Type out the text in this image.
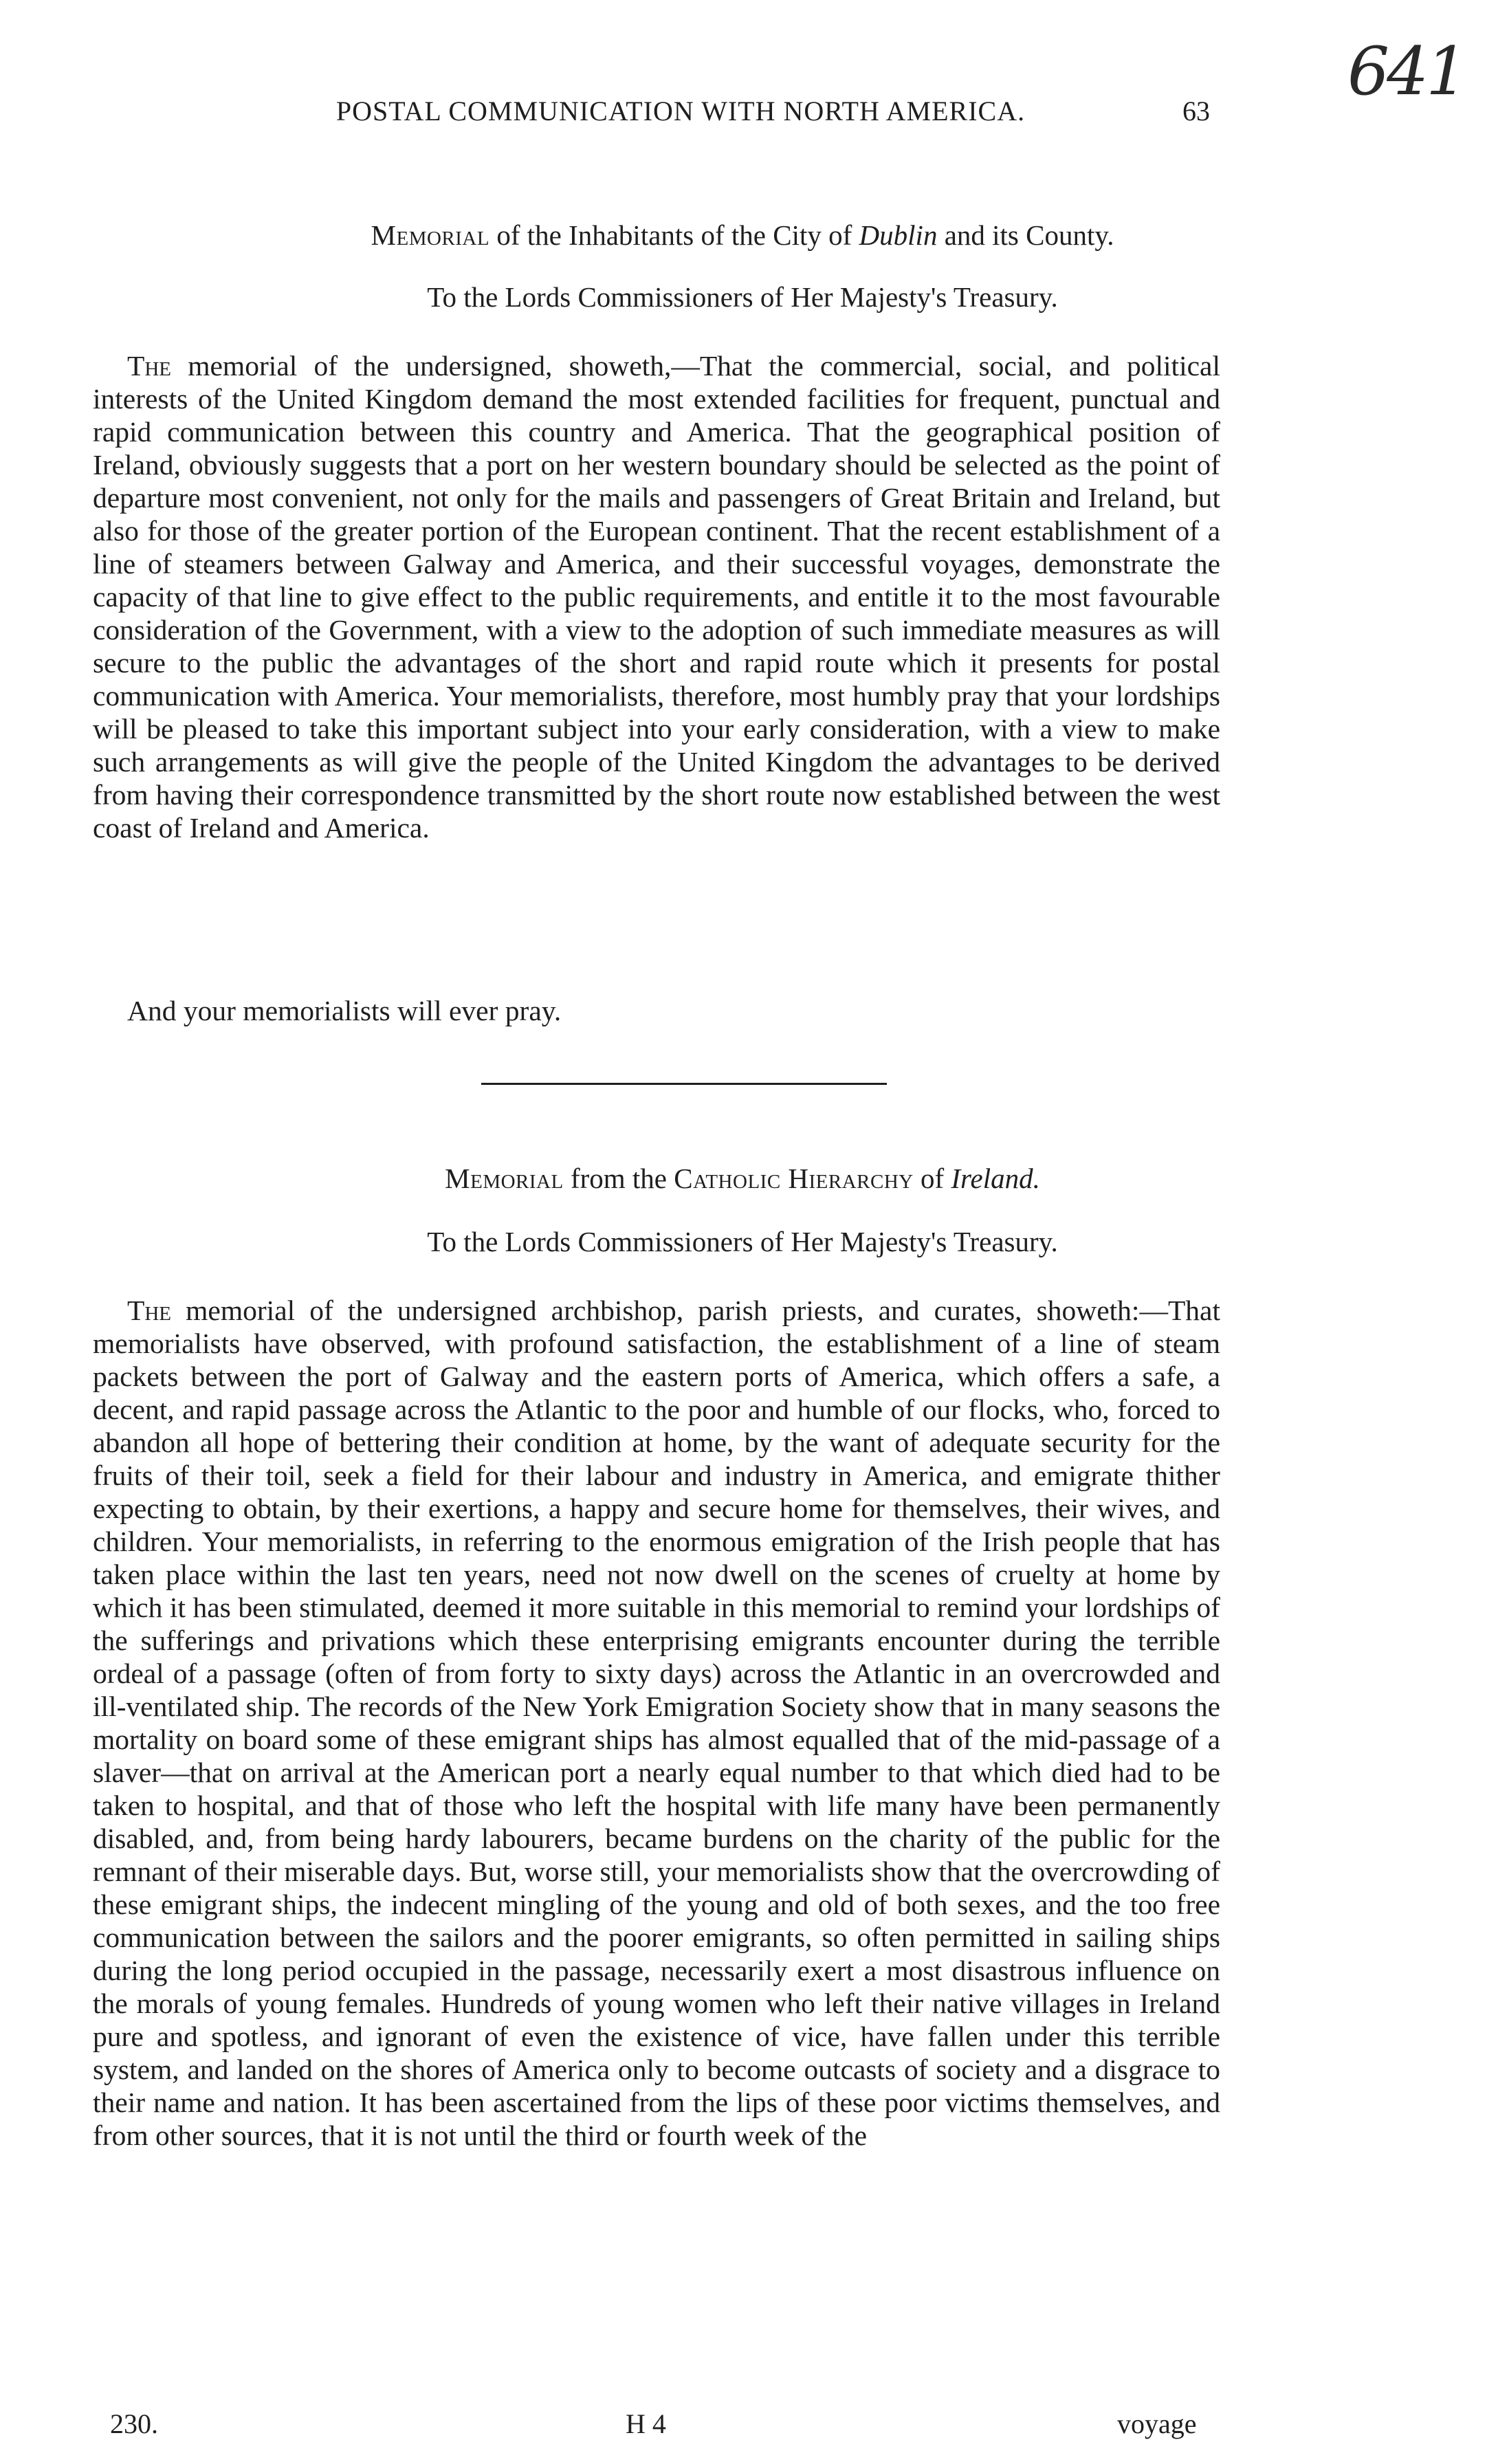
641
POSTAL COMMUNICATION WITH NORTH AMERICA.	63
Memorial of the Inhabitants of the City of Dublin and its County.
To the Lords Commissioners of Her Majesty's Treasury.

The memorial of the undersigned, showeth,—That the commercial, social, and political interests of the United Kingdom demand the most extended facilities for frequent, punctual and rapid communication between this country and America. That the geographical position of Ireland, obviously suggests that a port on her western boundary should be selected as the point of departure most convenient, not only for the mails and passengers of Great Britain and Ireland, but also for those of the greater portion of the European continent. That the recent establishment of a line of steamers between Galway and America, and their successful voyages, demonstrate the capacity of that line to give effect to the public requirements, and entitle it to the most favourable consideration of the Government, with a view to the adoption of such immediate measures as will secure to the public the advantages of the short and rapid route which it presents for postal communication with America. Your memorialists, therefore, most humbly pray that your lordships will be pleased to take this important subject into your early consideration, with a view to make such arrangements as will give the people of the United Kingdom the advantages to be derived from having their correspondence transmitted by the short route now established between the west coast of Ireland and America.

And your memorialists will ever pray.
Memorial from the Catholic Hierarchy of Ireland.
To the Lords Commissioners of Her Majesty's Treasury.

The memorial of the undersigned archbishop, parish priests, and curates, showeth:—That memorialists have observed, with profound satisfaction, the establishment of a line of steam packets between the port of Galway and the eastern ports of America, which offers a safe, a decent, and rapid passage across the Atlantic to the poor and humble of our flocks, who, forced to abandon all hope of bettering their condition at home, by the want of adequate security for the fruits of their toil, seek a field for their labour and industry in America, and emigrate thither expecting to obtain, by their exertions, a happy and secure home for themselves, their wives, and children. Your memorialists, in referring to the enormous emigration of the Irish people that has taken place within the last ten years, need not now dwell on the scenes of cruelty at home by which it has been stimulated, deemed it more suitable in this memorial to remind your lordships of the sufferings and privations which these enterprising emigrants encounter during the terrible ordeal of a passage (often of from forty to sixty days) across the Atlantic in an overcrowded and ill-ventilated ship. The records of the New York Emigration Society show that in many seasons the mortality on board some of these emigrant ships has almost equalled that of the mid-passage of a slaver—that on arrival at the American port a nearly equal number to that which died had to be taken to hospital, and that of those who left the hospital with life many have been permanently disabled, and, from being hardy labourers, became burdens on the charity of the public for the remnant of their miserable days. But, worse still, your memorialists show that the overcrowding of these emigrant ships, the indecent mingling of the young and old of both sexes, and the too free communication between the sailors and the poorer emigrants, so often permitted in sailing ships during the long period occupied in the passage, necessarily exert a most disastrous influence on the morals of young females. Hundreds of young women who left their native villages in Ireland pure and spotless, and ignorant of even the existence of vice, have fallen under this terrible system, and landed on the shores of America only to become outcasts of society and a disgrace to their name and nation. It has been ascertained from the lips of these poor victims themselves, and from other sources, that it is not until the third or fourth week of the

230.	H 4	voyage
